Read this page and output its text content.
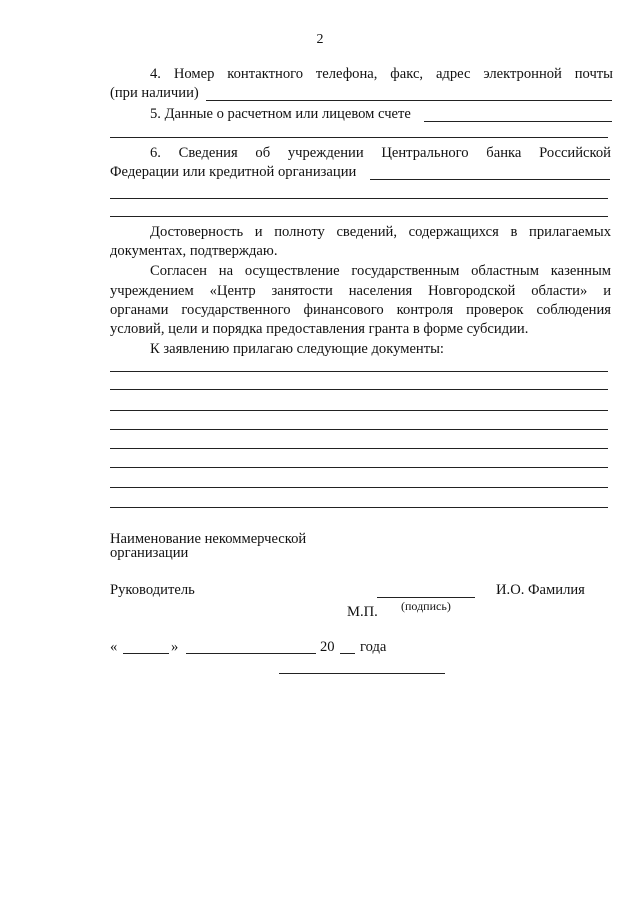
2
4. Номер контактного телефона, факс, адрес электронной почты
(при наличии)
5. Данные о расчетном или лицевом счете
6. Сведения об учреждении Центрального банка Российской
Федерации или кредитной организации
Достоверность и полноту сведений, содержащихся в прилагаемых
документах, подтверждаю.
Согласен на осуществление государственным областным казенным
учреждением «Центр занятости населения Новгородской области» и
органами государственного финансового контроля проверок соблюдения
условий, цели и порядка предоставления гранта в форме субсидии.
К заявлению прилагаю следующие документы:
Наименование некоммерческой
организации
Руководитель	И.О. Фамилия
М.П. (подпись)
«	»	20 года
